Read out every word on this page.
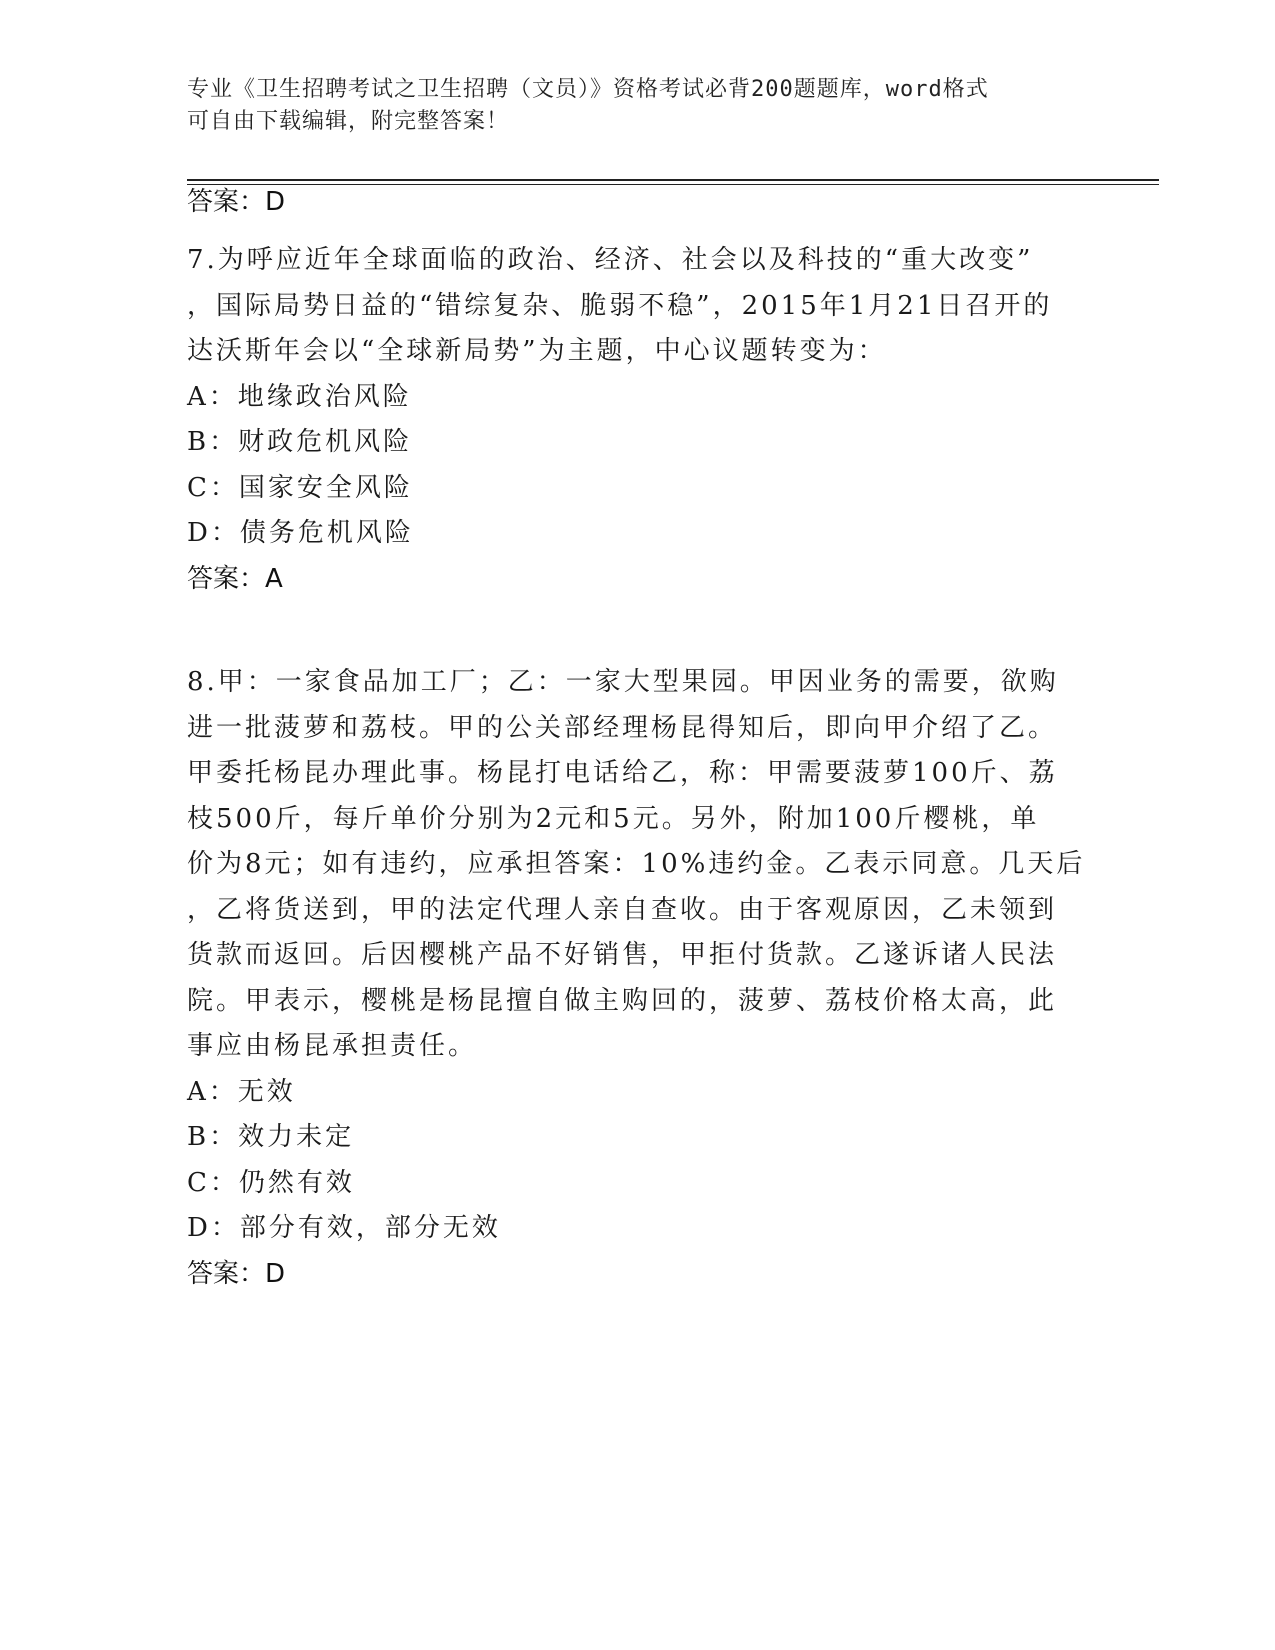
专业《卫生招聘考试之卫生招聘（文员）》资格考试必背200题题库，word格式
可自由下载编辑，附完整答案！
答案：D
7.为呼应近年全球面临的政治、经济、社会以及科技的“重大改变”
，国际局势日益的“错综复杂、脆弱不稳”，2015年1月21日召开的
达沃斯年会以“全球新局势”为主题，中心议题转变为：
A：地缘政治风险
B：财政危机风险
C：国家安全风险
D：债务危机风险
答案：A
8.甲：一家食品加工厂；乙：一家大型果园。甲因业务的需要，欲购
进一批菠萝和荔枝。甲的公关部经理杨昆得知后，即向甲介绍了乙。
甲委托杨昆办理此事。杨昆打电话给乙，称：甲需要菠萝100斤、荔
枝500斤，每斤单价分别为2元和5元。另外，附加100斤樱桃，单
价为8元；如有违约，应承担答案：10%违约金。乙表示同意。几天后
，乙将货送到，甲的法定代理人亲自查收。由于客观原因，乙未领到
货款而返回。后因樱桃产品不好销售，甲拒付货款。乙遂诉诸人民法
院。甲表示，樱桃是杨昆擅自做主购回的，菠萝、荔枝价格太高，此
事应由杨昆承担责任。
A：无效
B：效力未定
C：仍然有效
D：部分有效，部分无效
答案：D
